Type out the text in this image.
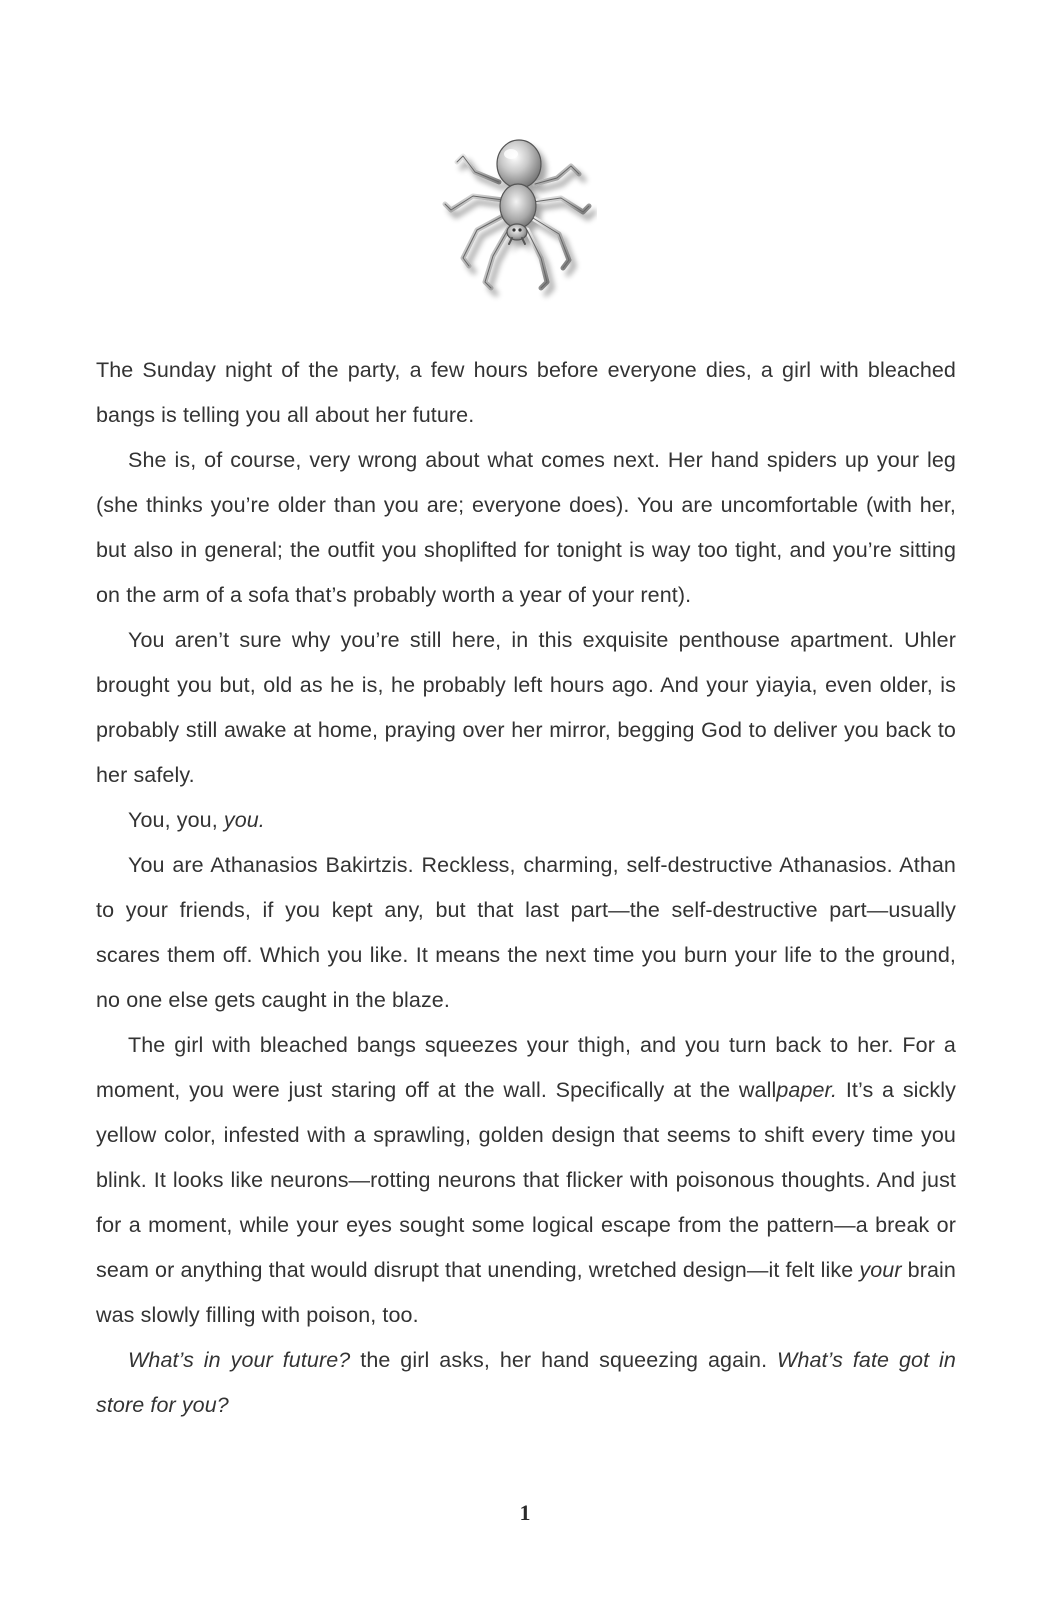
The Sunday night of the party, a few hours before everyone dies, a girl with bleached bangs is telling you all about her future.

She is, of course, very wrong about what comes next. Her hand spiders up your leg (she thinks you’re older than you are; everyone does). You are uncomfortable (with her, but also in general; the outfit you shoplifted for tonight is way too tight, and you’re sitting on the arm of a sofa that’s probably worth a year of your rent).

You aren’t sure why you’re still here, in this exquisite penthouse apartment. Uhler brought you but, old as he is, he probably left hours ago. And your yiayia, even older, is probably still awake at home, praying over her mirror, begging God to deliver you back to her safely.

You, you, you.

You are Athanasios Bakirtzis. Reckless, charming, self-destructive Athanasios. Athan to your friends, if you kept any, but that last part—the self-destructive part—usually scares them off. Which you like. It means the next time you burn your life to the ground, no one else gets caught in the blaze.

The girl with bleached bangs squeezes your thigh, and you turn back to her. For a moment, you were just staring off at the wall. Specifically at the wallpaper. It’s a sickly yellow color, infested with a sprawling, golden design that seems to shift every time you blink. It looks like neurons—rotting neurons that flicker with poisonous thoughts. And just for a moment, while your eyes sought some logical escape from the pattern—a break or seam or anything that would disrupt that unending, wretched design—it felt like your brain was slowly filling with poison, too.

What’s in your future? the girl asks, her hand squeezing again. What’s fate got in store for you?

1
